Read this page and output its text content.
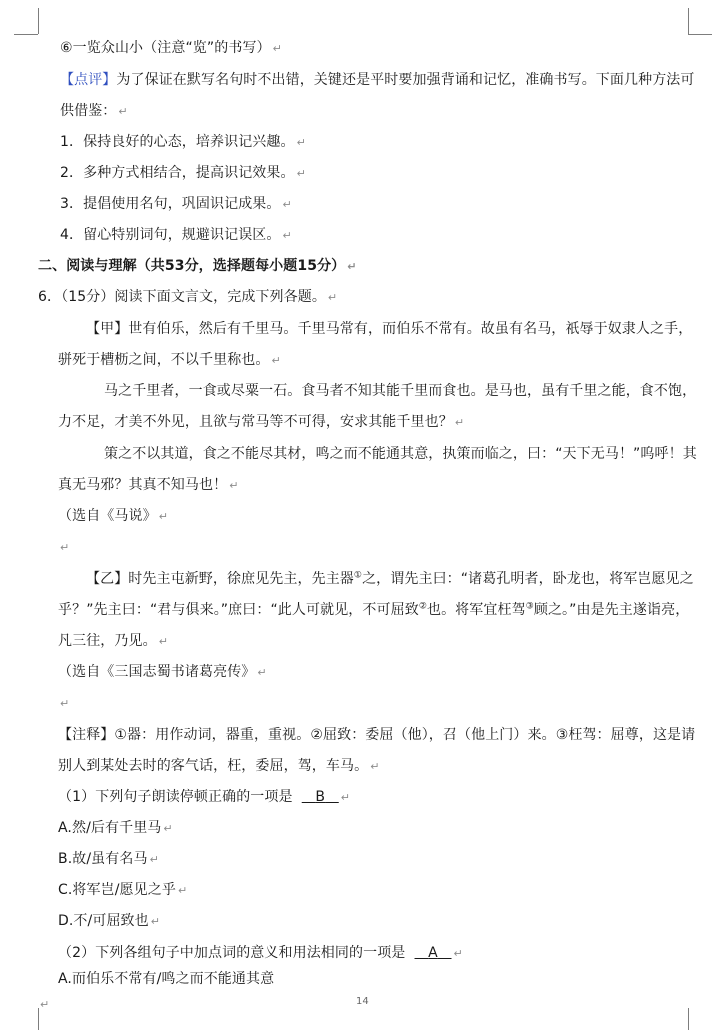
⑥一览众山小（注意“览”的书写） ↵
【点评】为了保证在默写名句时不出错，关键还是平时要加强背诵和记忆，准确书写。下面几种方法可
供借鉴： ↵
1．保持良好的心态，培养识记兴趣。 ↵
2．多种方式相结合，提高识记效果。 ↵
3．提倡使用名句，巩固识记成果。 ↵
4．留心特别词句，规避识记误区。 ↵
二、阅读与理解（共53分，选择题每小题15分） ↵
6．（15分）阅读下面文言文，完成下列各题。 ↵
【甲】世有伯乐，然后有千里马。千里马常有，而伯乐不常有。故虽有名马，祇辱于奴隶人之手，
骈死于槽枥之间，不以千里称也。 ↵
马之千里者，一食或尽粟一石。食马者不知其能千里而食也。是马也，虽有千里之能，食不饱，
力不足，才美不外见，且欲与常马等不可得，安求其能千里也？ ↵
策之不以其道，食之不能尽其材，鸣之而不能通其意，执策而临之，曰：“天下无马！”呜呼！其
真无马邪？其真不知马也！ ↵
（选自《马说》 ↵
↵
【乙】时先主屯新野，徐庶见先主，先主器①之，谓先主曰：“诸葛孔明者，卧龙也，将军岂愿见之
乎？”先主曰：“君与俱来。”庶曰：“此人可就见，不可屈致②也。将军宜枉驾③顾之。”由是先主遂诣亮，
凡三往，乃见。 ↵
（选自《三国志蜀书诸葛亮传》 ↵
↵
【注释】①器：用作动词，器重，重视。②屈致：委屈（他），召（他上门）来。③枉驾：屈尊，这是请
别人到某处去时的客气话，枉，委屈，驾，车马。 ↵
（1）下列句子朗读停顿正确的一项是 B ↵
A.然/后有千里马 ↵
B.故/虽有名马 ↵
C.将军岂/愿见之乎 ↵
D.不/可屈致也 ↵
（2）下列各组句子中加点词的意义和用法相同的一项是 A ↵
A.而伯乐不常有/鸣之而不能通其意
↵	14
